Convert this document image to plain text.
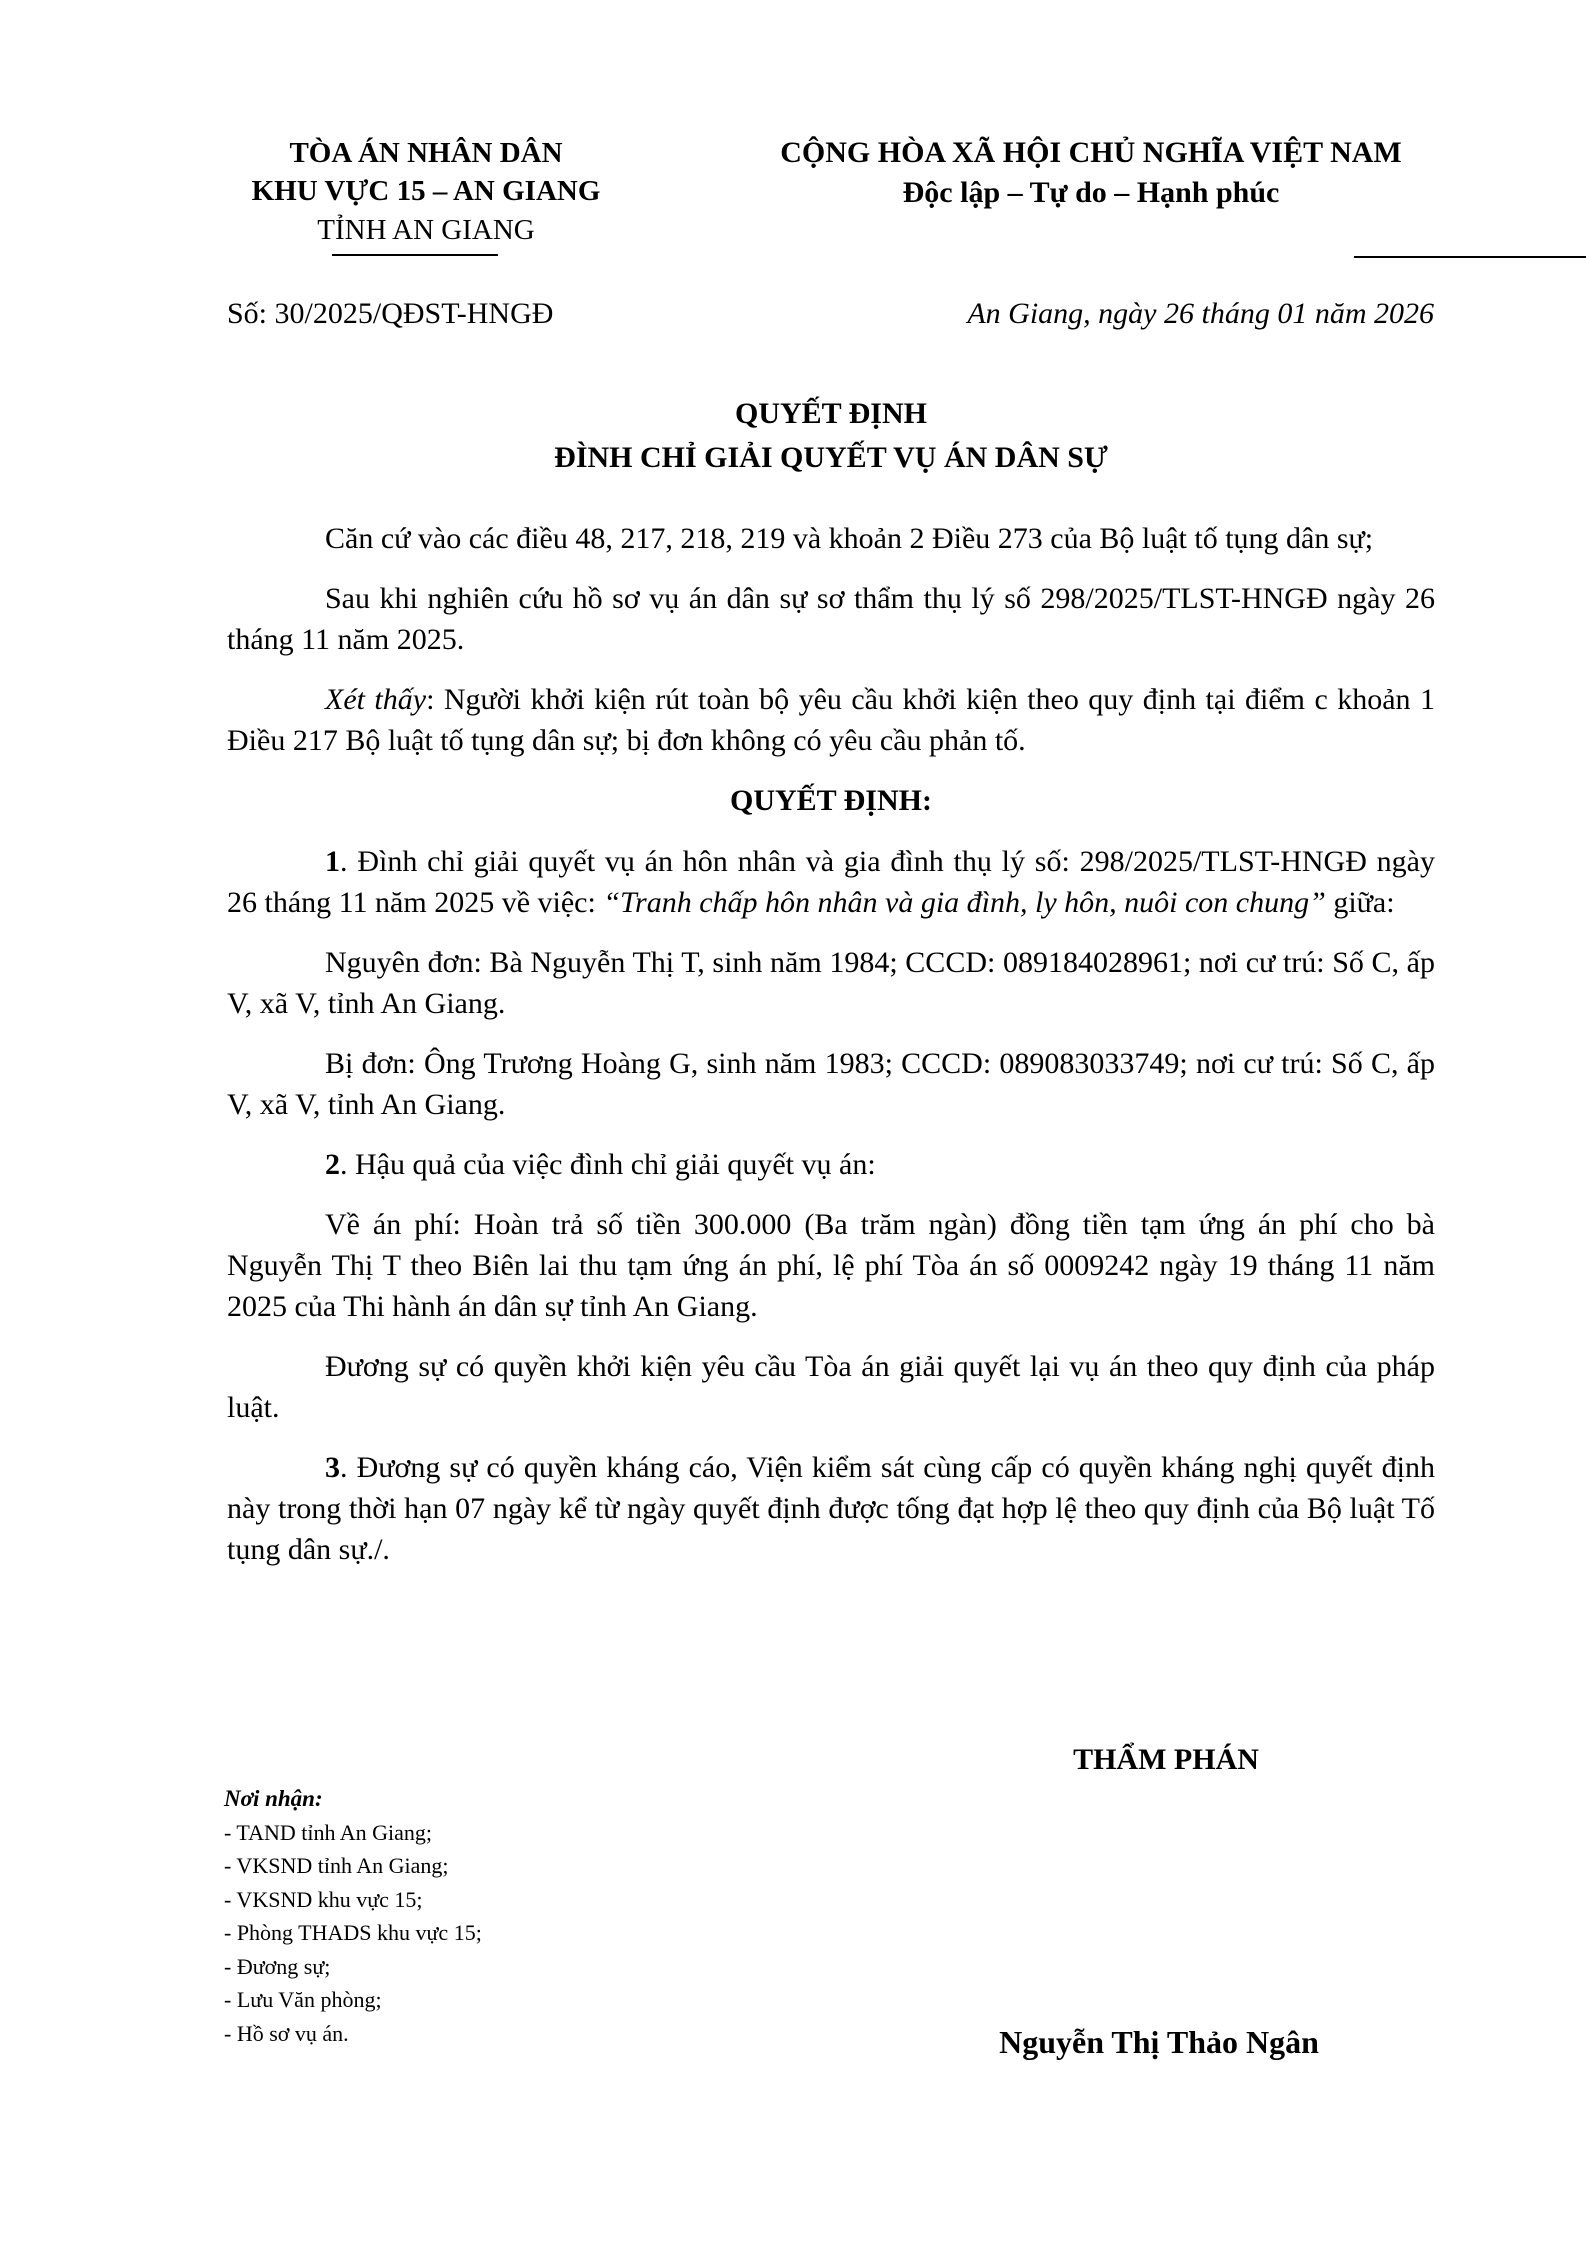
TÒA ÁN NHÂN DÂN
KHU VỰC 15 – AN GIANG
TỈNH AN GIANG
CỘNG HÒA XÃ HỘI CHỦ NGHĨA VIỆT NAM
Độc lập – Tự do – Hạnh phúc
Số: 30/2025/QĐST-HNGĐ	An Giang, ngày 26 tháng 01 năm 2026
QUYẾT ĐỊNH
ĐÌNH CHỈ GIẢI QUYẾT VỤ ÁN DÂN SỰ

Căn cứ vào các điều 48, 217, 218, 219 và khoản 2 Điều 273 của Bộ luật tố tụng dân sự;

Sau khi nghiên cứu hồ sơ vụ án dân sự sơ thẩm thụ lý số 298/2025/TLST-HNGĐ ngày 26 tháng 11 năm 2025.

Xét thấy: Người khởi kiện rút toàn bộ yêu cầu khởi kiện theo quy định tại điểm c khoản 1 Điều 217 Bộ luật tố tụng dân sự; bị đơn không có yêu cầu phản tố.

QUYẾT ĐỊNH:

1. Đình chỉ giải quyết vụ án hôn nhân và gia đình thụ lý số: 298/2025/TLST-HNGĐ ngày 26 tháng 11 năm 2025 về việc: “Tranh chấp hôn nhân và gia đình, ly hôn, nuôi con chung” giữa:

Nguyên đơn: Bà Nguyễn Thị T, sinh năm 1984; CCCD: 089184028961; nơi cư trú: Số C, ấp V, xã V, tỉnh An Giang.

Bị đơn: Ông Trương Hoàng G, sinh năm 1983; CCCD: 089083033749; nơi cư trú: Số C, ấp V, xã V, tỉnh An Giang.

2. Hậu quả của việc đình chỉ giải quyết vụ án:

Về án phí: Hoàn trả số tiền 300.000 (Ba trăm ngàn) đồng tiền tạm ứng án phí cho bà Nguyễn Thị T theo Biên lai thu tạm ứng án phí, lệ phí Tòa án số 0009242 ngày 19 tháng 11 năm 2025 của Thi hành án dân sự tỉnh An Giang.

Đương sự có quyền khởi kiện yêu cầu Tòa án giải quyết lại vụ án theo quy định của pháp luật.

3. Đương sự có quyền kháng cáo, Viện kiểm sát cùng cấp có quyền kháng nghị quyết định này trong thời hạn 07 ngày kể từ ngày quyết định được tống đạt hợp lệ theo quy định của Bộ luật Tố tụng dân sự./.

THẨM PHÁN
Nguyễn Thị Thảo Ngân
Nơi nhận:
- TAND tỉnh An Giang;
- VKSND tỉnh An Giang;
- VKSND khu vực 15;
- Phòng THADS khu vực 15;
- Đương sự;
- Lưu Văn phòng;
- Hồ sơ vụ án.
